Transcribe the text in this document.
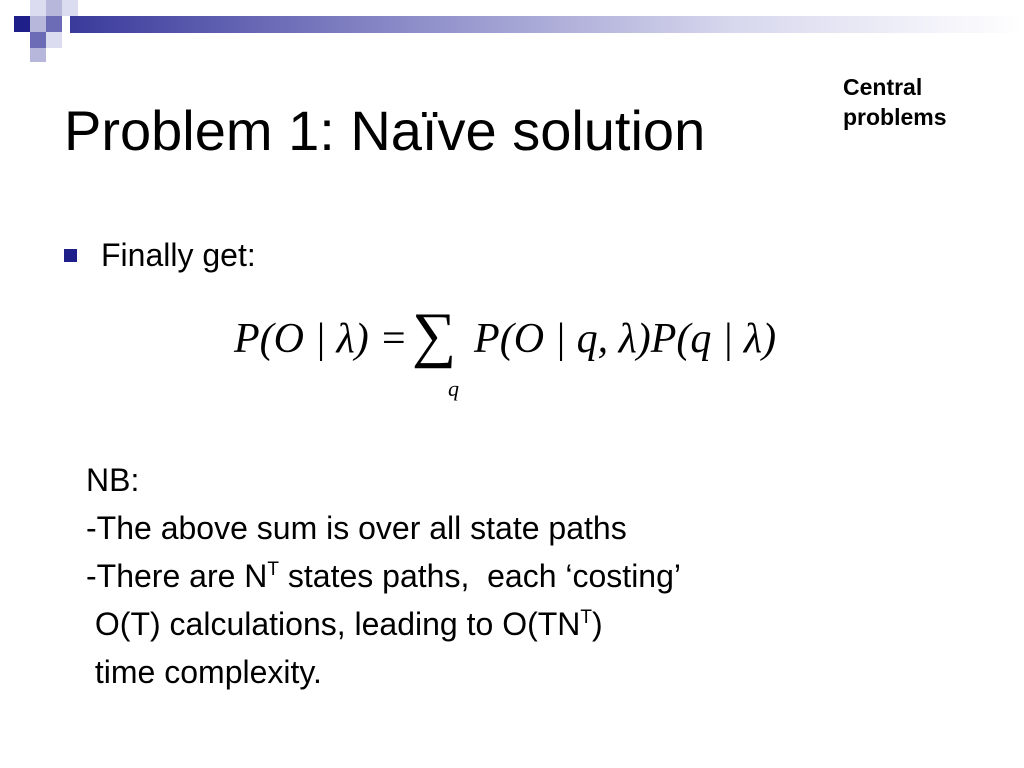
Central
problems
Problem 1: Naïve solution
Finally get:
P(O | λ) = P(O | q, λ)P(q | λ)
∑
q
NB:
-The above sum is over all state paths
-There are $N^T$ states paths,  each ‘costing’
O(T) calculations, leading to $O(TN^T)$
time complexity.
